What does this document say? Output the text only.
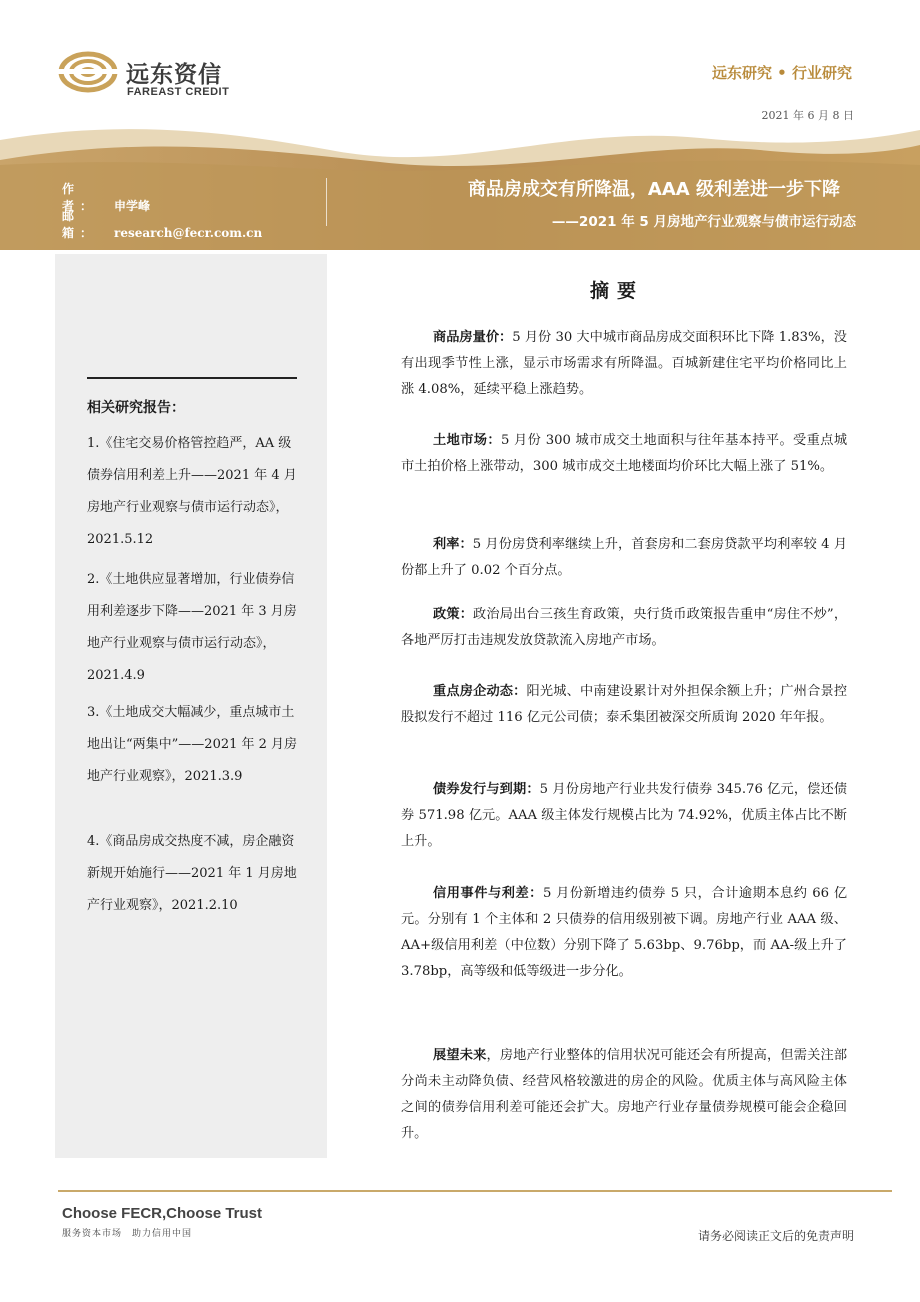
远东资信
FAREAST CREDIT
远东研究 • 行业研究
2021 年 6 月 8 日
作　者： 申学峰
邮　箱： research@fecr.com.cn
商品房成交有所降温，AAA 级利差进一步下降
——2021 年 5 月房地产行业观察与债市运行动态
相关研究报告：
1.《住宅交易价格管控趋严，AA 级债券信用利差上升——2021 年 4 月房地产行业观察与债市运行动态》，2021.5.12
2.《土地供应显著增加，行业债券信用利差逐步下降——2021 年 3 月房地产行业观察与债市运行动态》，2021.4.9
3.《土地成交大幅减少，重点城市土地出让“两集中”——2021 年 2 月房地产行业观察》，2021.3.9
4.《商品房成交热度不减，房企融资新规开始施行——2021 年 1 月房地产行业观察》，2021.2.10
摘要
商品房量价：5 月份 30 大中城市商品房成交面积环比下降 1.83%，没有出现季节性上涨，显示市场需求有所降温。百城新建住宅平均价格同比上涨 4.08%，延续平稳上涨趋势。
土地市场：5 月份 300 城市成交土地面积与往年基本持平。受重点城市土拍价格上涨带动，300 城市成交土地楼面均价环比大幅上涨了 51%。
利率：5 月份房贷利率继续上升，首套房和二套房贷款平均利率较 4 月份都上升了 0.02 个百分点。
政策：政治局出台三孩生育政策，央行货币政策报告重申“房住不炒”，各地严厉打击违规发放贷款流入房地产市场。
重点房企动态：阳光城、中南建设累计对外担保余额上升；广州合景控股拟发行不超过 116 亿元公司债；泰禾集团被深交所质询 2020 年年报。
债券发行与到期：5 月份房地产行业共发行债券 345.76 亿元，偿还债券 571.98 亿元。AAA 级主体发行规模占比为 74.92%，优质主体占比不断上升。
信用事件与利差：5 月份新增违约债券 5 只，合计逾期本息约 66 亿元。分别有 1 个主体和 2 只债券的信用级别被下调。房地产行业 AAA 级、AA+级信用利差（中位数）分别下降了 5.63bp、9.76bp，而 AA-级上升了 3.78bp，高等级和低等级进一步分化。
展望未来，房地产行业整体的信用状况可能还会有所提高，但需关注部分尚未主动降负债、经营风格较激进的房企的风险。优质主体与高风险主体之间的债券信用利差可能还会扩大。房地产行业存量债券规模可能会企稳回升。
Choose FECR,Choose Trust
服务资本市场　助力信用中国	请务必阅读正文后的免责声明
